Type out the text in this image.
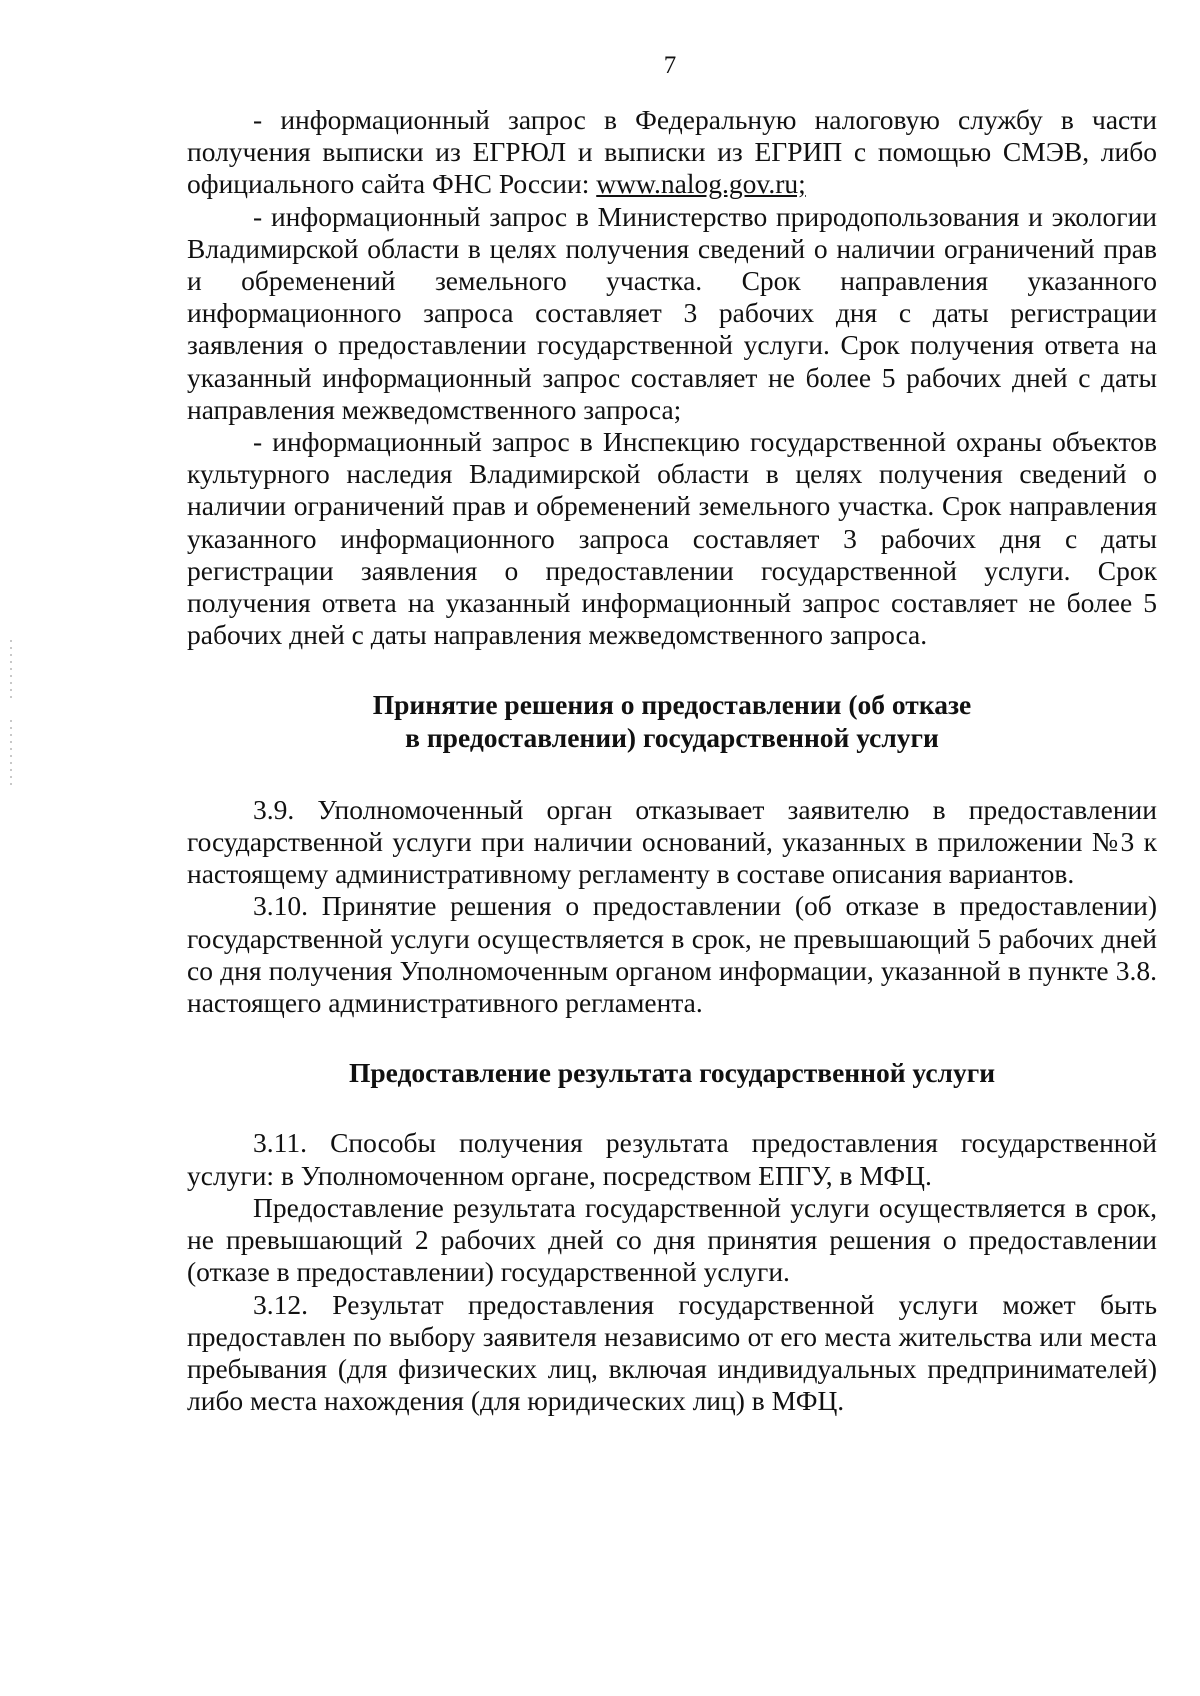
7

- информационный запрос в Федеральную налоговую службу в части получения выписки из ЕГРЮЛ и выписки из ЕГРИП с помощью СМЭВ, либо официального сайта ФНС России: www.nalog.gov.ru;

- информационный запрос в Министерство природопользования и экологии Владимирской области в целях получения сведений о наличии ограничений прав и обременений земельного участка. Срок направления указанного информационного запроса составляет 3 рабочих дня с даты регистрации заявления о предоставлении государственной услуги. Срок получения ответа на указанный информационный запрос составляет не более 5 рабочих дней с даты направления межведомственного запроса;

- информационный запрос в Инспекцию государственной охраны объектов культурного наследия Владимирской области в целях получения сведений о наличии ограничений прав и обременений земельного участка. Срок направления указанного информационного запроса составляет 3 рабочих дня с даты регистрации заявления о предоставлении государственной услуги. Срок получения ответа на указанный информационный запрос составляет не более 5 рабочих дней с даты направления межведомственного запроса.

Принятие решения о предоставлении (об отказе
в предоставлении) государственной услуги

3.9. Уполномоченный орган отказывает заявителю в предоставлении государственной услуги при наличии оснований, указанных в приложении №3 к настоящему административному регламенту в составе описания вариантов.

3.10. Принятие решения о предоставлении (об отказе в предоставлении) государственной услуги осуществляется в срок, не превышающий 5 рабочих дней со дня получения Уполномоченным органом информации, указанной в пункте 3.8. настоящего административного регламента.

Предоставление результата государственной услуги

3.11. Способы получения результата предоставления государственной услуги: в Уполномоченном органе, посредством ЕПГУ, в МФЦ.

Предоставление результата государственной услуги осуществляется в срок, не превышающий 2 рабочих дней со дня принятия решения о предоставлении (отказе в предоставлении) государственной услуги.

3.12. Результат предоставления государственной услуги может быть предоставлен по выбору заявителя независимо от его места жительства или места пребывания (для физических лиц, включая индивидуальных предпринимателей) либо места нахождения (для юридических лиц) в МФЦ.
